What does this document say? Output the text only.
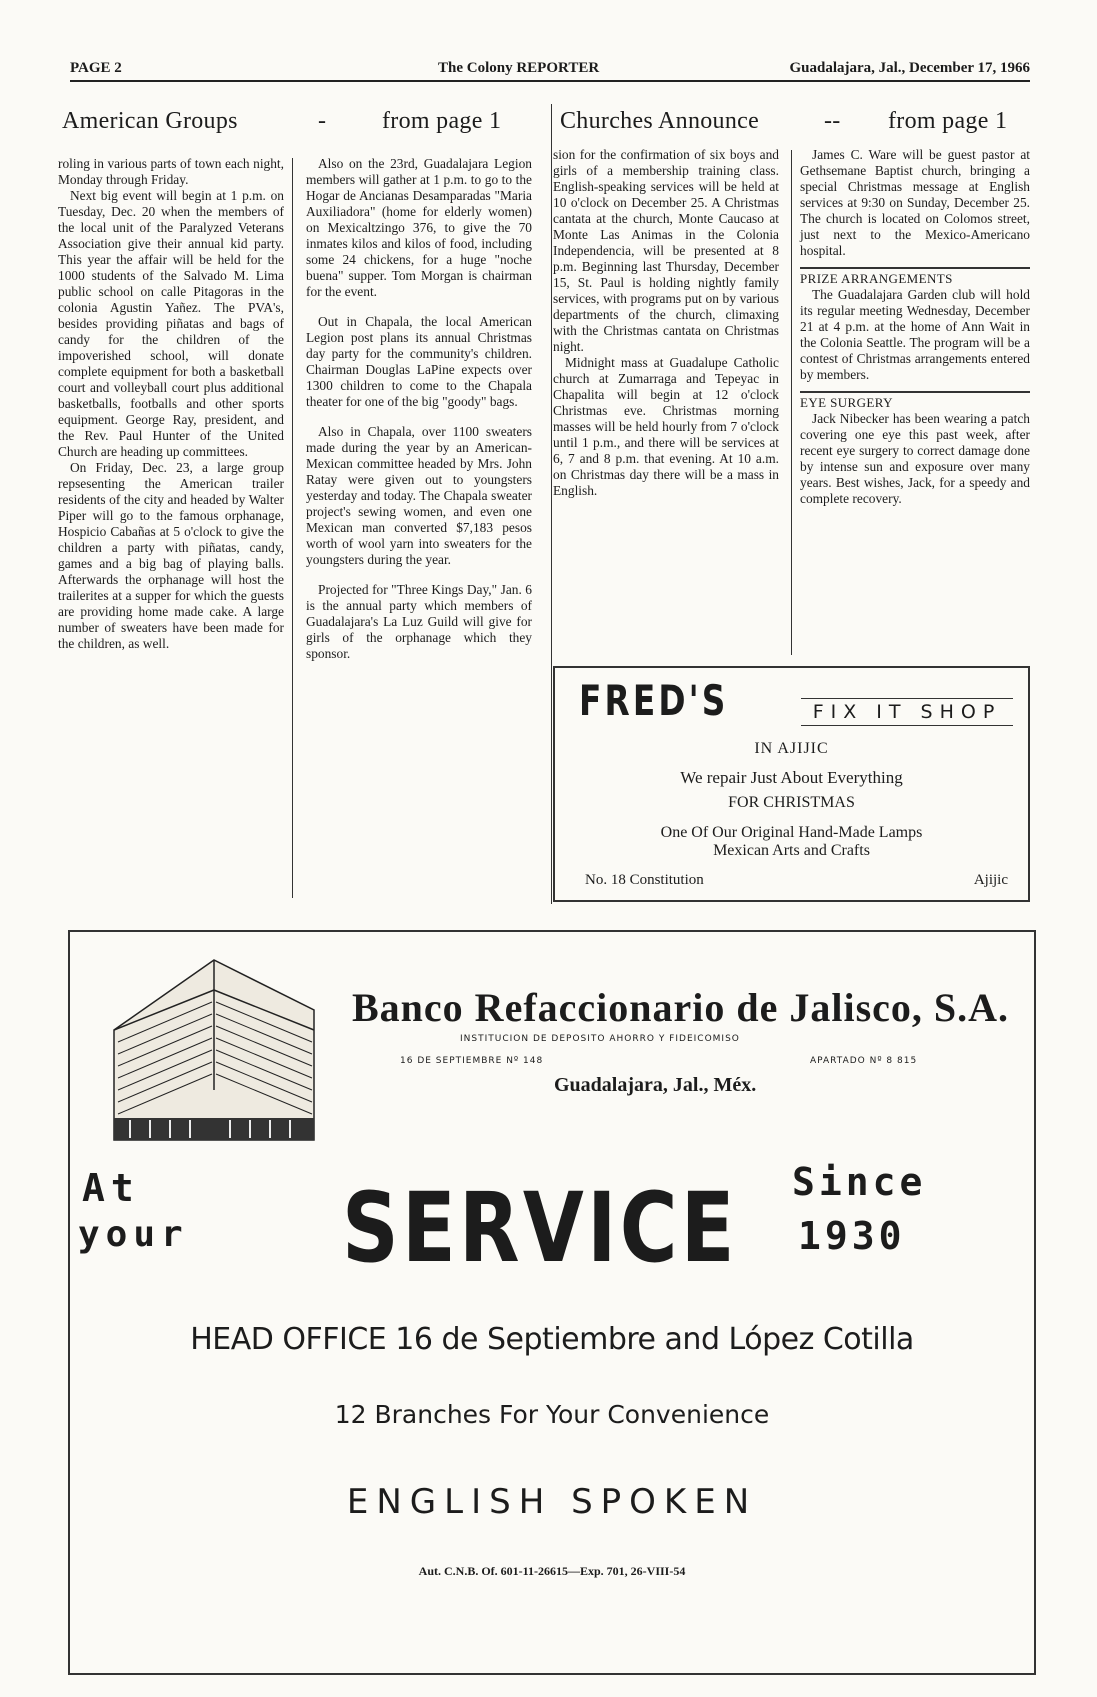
PAGE 2	The Colony REPORTER	Guadalajara, Jal., December 17, 1966
American Groups	- from page 1 Churches Announce	-- from page 1

roling in various parts of town each night, Monday through Friday.

Next big event will begin at 1 p.m. on Tuesday, Dec. 20 when the members of the local unit of the Paralyzed Veterans Association give their annual kid party. This year the affair will be held for the 1000 students of the Salvado M. Lima public school on calle Pitagoras in the colonia Agustin Yañez. The PVA's, besides providing piñatas and bags of candy for the children of the impoverished school, will donate complete equipment for both a basketball court and volleyball court plus additional basketballs, footballs and other sports equipment. George Ray, president, and the Rev. Paul Hunter of the United Church are heading up committees.

On Friday, Dec. 23, a large group repsesenting the American trailer residents of the city and headed by Walter Piper will go to the famous orphanage, Hospicio Cabañas at 5 o'clock to give the children a party with piñatas, candy, games and a big bag of playing balls. Afterwards the orphanage will host the trailerites at a supper for which the guests are providing home made cake. A large number of sweaters have been made for the children, as well.

Also on the 23rd, Guadalajara Legion members will gather at 1 p.m. to go to the Hogar de Ancianas Desamparadas "Maria Auxiliadora" (home for elderly women) on Mexicaltzingo 376, to give the 70 inmates kilos and kilos of food, including some 24 chickens, for a huge "noche buena" supper. Tom Morgan is chairman for the event.

Out in Chapala, the local American Legion post plans its annual Christmas day party for the community's children. Chairman Douglas LaPine expects over 1300 children to come to the Chapala theater for one of the big "goody" bags.

Also in Chapala, over 1100 sweaters made during the year by an American-Mexican committee headed by Mrs. John Ratay were given out to youngsters yesterday and today. The Chapala sweater project's sewing women, and even one Mexican man converted $7,183 pesos worth of wool yarn into sweaters for the youngsters during the year.

Projected for "Three Kings Day," Jan. 6 is the annual party which members of Guadalajara's La Luz Guild will give for girls of the orphanage which they sponsor.

sion for the confirmation of six boys and girls of a membership training class. English-speaking services will be held at 10 o'clock on December 25. A Christmas cantata at the church, Monte Caucaso at Monte Las Animas in the Colonia Independencia, will be presented at 8 p.m. Beginning last Thursday, December 15, St. Paul is holding nightly family services, with programs put on by various departments of the church, climaxing with the Christmas cantata on Christmas night.

Midnight mass at Guadalupe Catholic church at Zumarraga and Tepeyac in Chapalita will begin at 12 o'clock Christmas eve. Christmas morning masses will be held hourly from 7 o'clock until 1 p.m., and there will be services at 6, 7 and 8 p.m. that evening. At 10 a.m. on Christmas day there will be a mass in English.

James C. Ware will be guest pastor at Gethsemane Baptist church, bringing a special Christmas message at English services at 9:30 on Sunday, December 25. The church is located on Colomos street, just next to the Mexico-Americano hospital.

PRIZE ARRANGEMENTS

The Guadalajara Garden club will hold its regular meeting Wednesday, December 21 at 4 p.m. at the home of Ann Wait in the Colonia Seattle. The program will be a contest of Christmas arrangements entered by members.

EYE SURGERY

Jack Nibecker has been wearing a patch covering one eye this past week, after recent eye surgery to correct damage done by intense sun and exposure over many years. Best wishes, Jack, for a speedy and complete recovery.

FRED'S	FIX IT SHOP
IN AJIJIC
We repair Just About Everything
FOR CHRISTMAS
One Of Our Original Hand-Made Lamps
Mexican Arts and Crafts
No. 18 Constitution	Ajijic
Banco Refaccionario de Jalisco, S.A.
INSTITUCION DE DEPOSITO AHORRO Y FIDEICOMISO
16 DE SEPTIEMBRE Nº 148	APARTADO Nº 8 815
Guadalajara, Jal., Méx.
At
your SERVICE Since
1930
HEAD OFFICE 16 de Septiembre and López Cotilla
12 Branches For Your Convenience
ENGLISH SPOKEN
Aut. C.N.B. Of. 601-11-26615—Exp. 701, 26-VIII-54
